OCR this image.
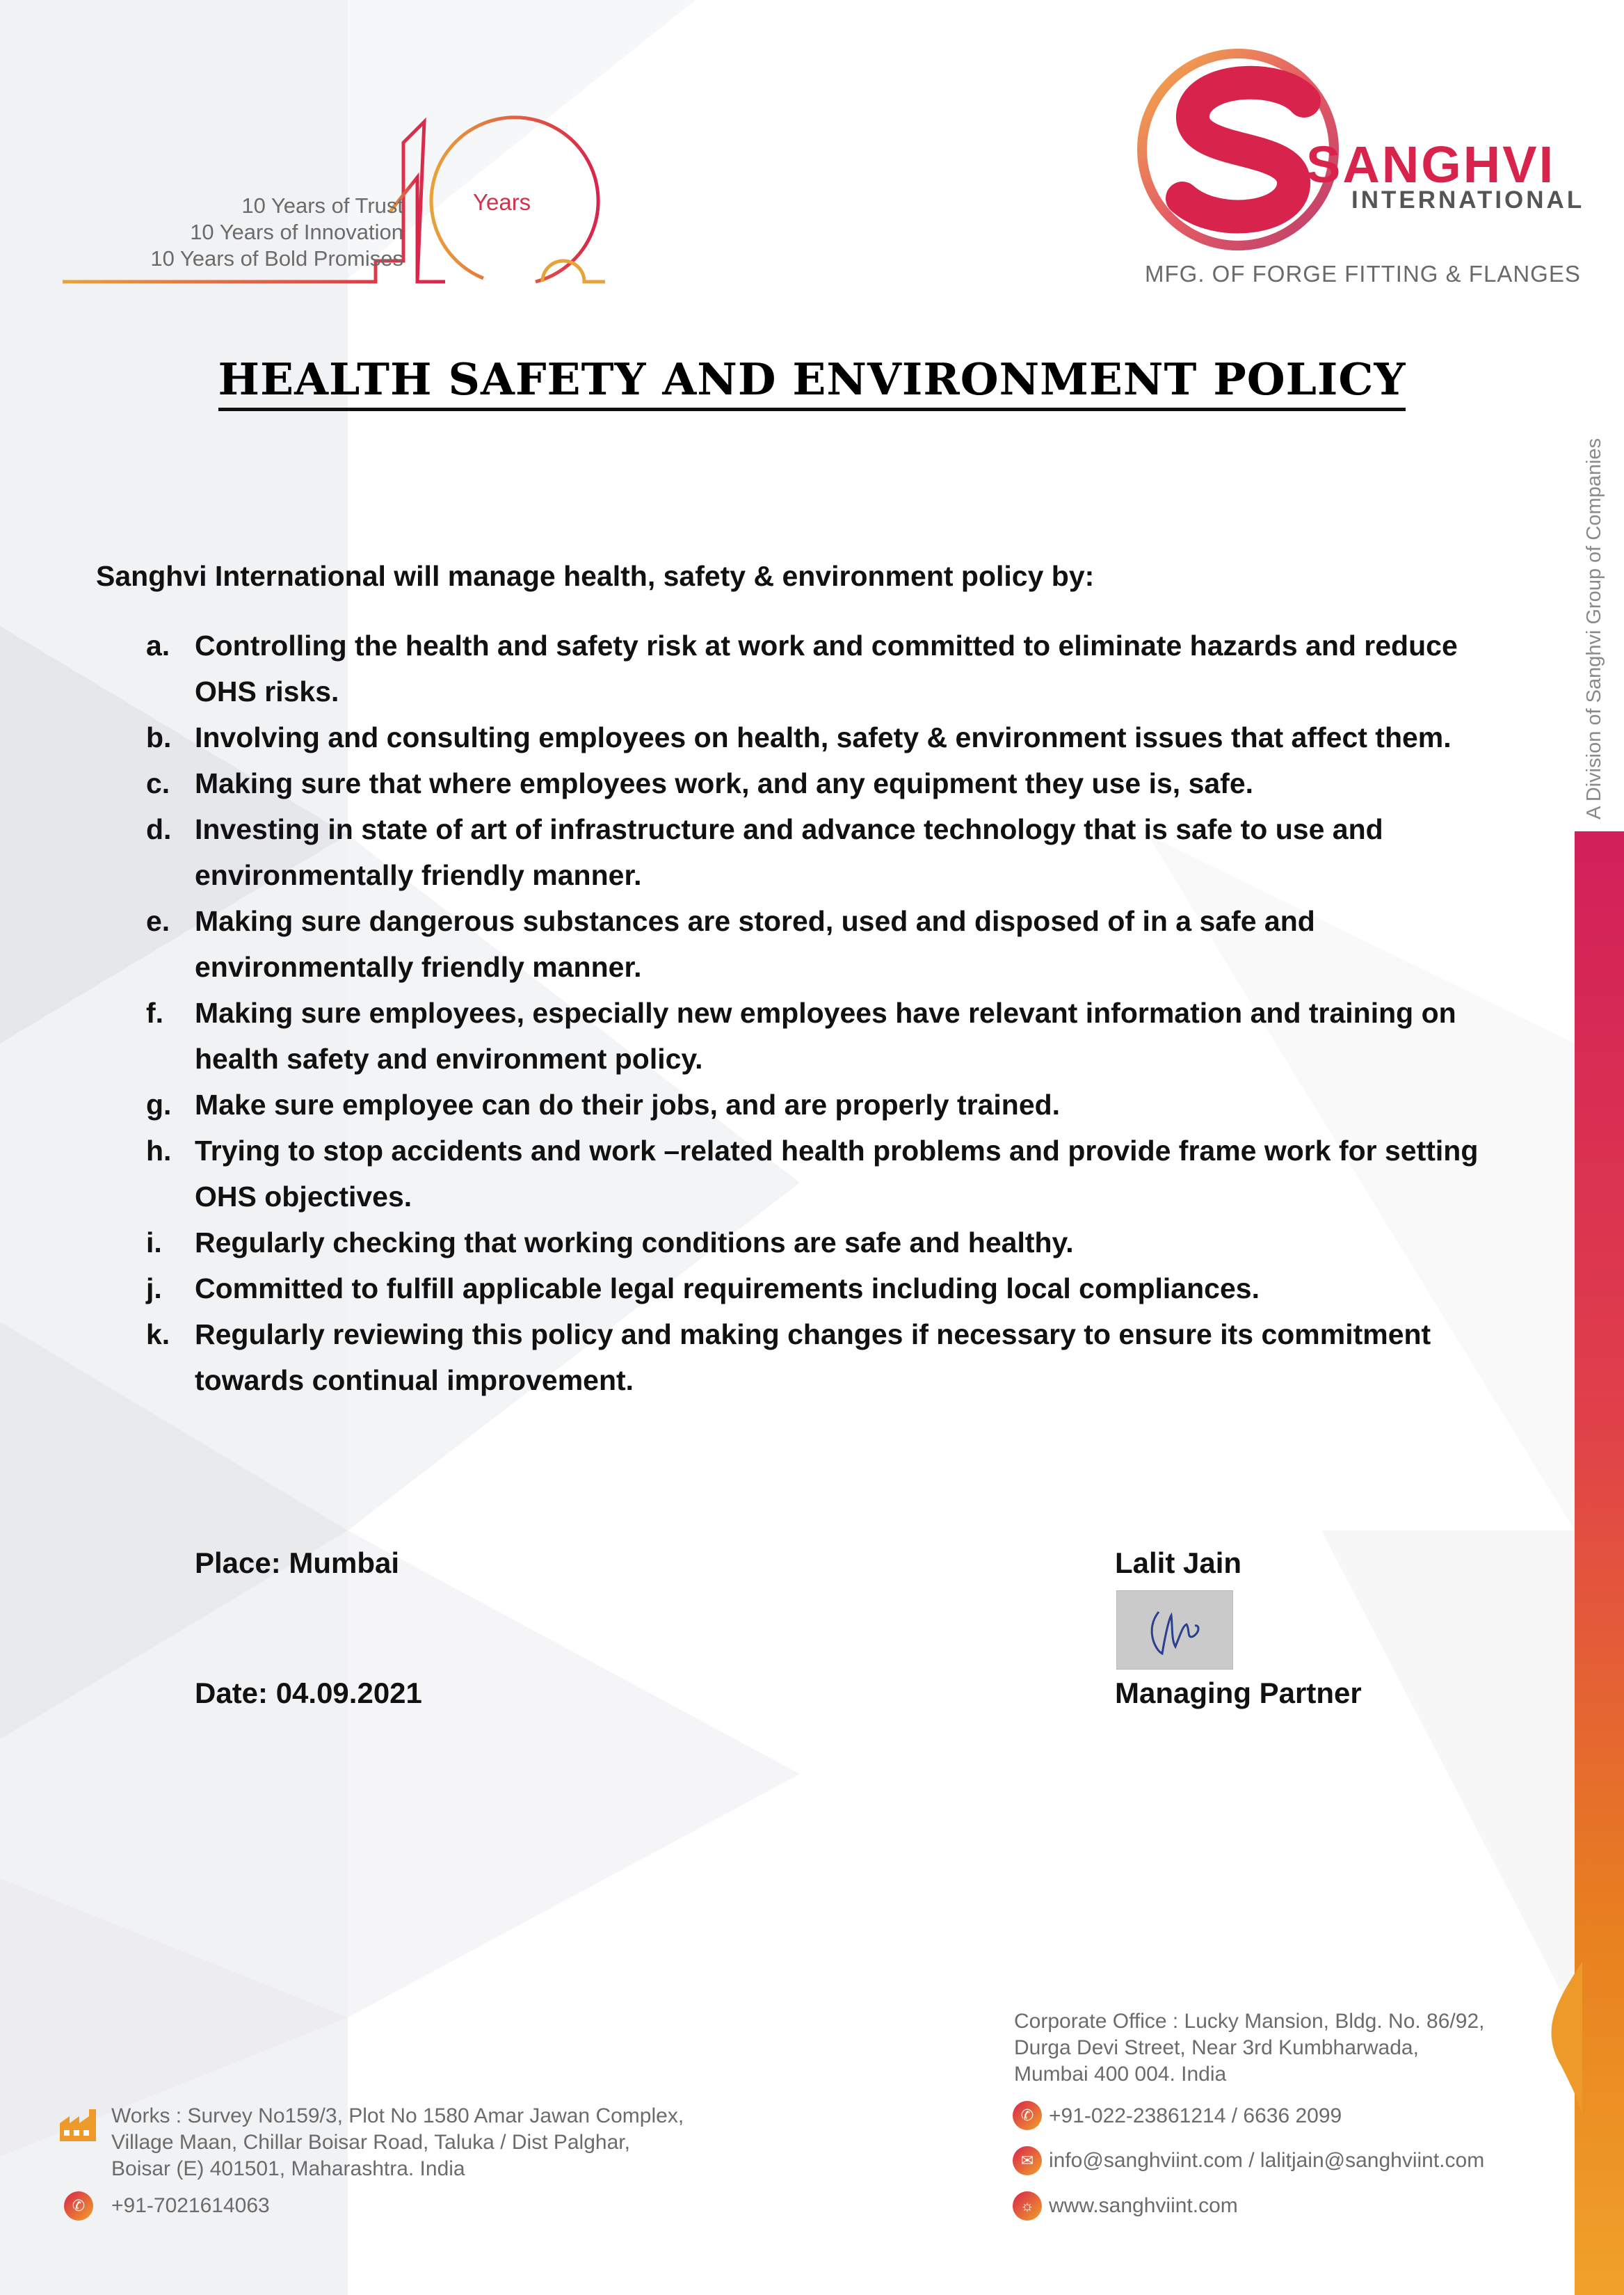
10 Years of Trust
10 Years of Innovation
10 Years of Bold Promises
Years
SANGHVI
INTERNATIONAL
MFG. OF FORGE FITTING & FLANGES
A Division of Sanghvi Group of Companies
HEALTH SAFETY AND ENVIRONMENT POLICY
Sanghvi International will manage health, safety & environment policy by:
a. Controlling the health and safety risk at work and committed to eliminate hazards and reduce
OHS risks.
b. Involving and consulting employees on health, safety & environment issues that affect them.
c. Making sure that where employees work, and any equipment they use is, safe.
d. Investing in state of art of infrastructure and advance technology that is safe to use and
environmentally friendly manner.
e. Making sure dangerous substances are stored, used and disposed of in a safe and
environmentally friendly manner.
f. Making sure employees, especially new employees have relevant information and training on
health safety and environment policy.
g. Make sure employee can do their jobs, and are properly trained.
h. Trying to stop accidents and work –related health problems and provide frame work for setting
OHS objectives.
i. Regularly checking that working conditions are safe and healthy.
j. Committed to fulfill applicable legal requirements including local compliances.
k. Regularly reviewing this policy and making changes if necessary to ensure its commitment
towards continual improvement.
Place: Mumbai
Date: 04.09.2021
Lalit Jain
Managing Partner
Corporate Office : Lucky Mansion, Bldg. No. 86/92,
Durga Devi Street, Near 3rd Kumbharwada,
Mumbai 400 004. India
✆ +91-022-23861214 / 6636 2099
✉ info@sanghviint.com / lalitjain@sanghviint.com
☼ www.sanghviint.com
Works : Survey No159/3, Plot No 1580 Amar Jawan Complex,
Village Maan, Chillar Boisar Road, Taluka / Dist Palghar,
Boisar (E) 401501, Maharashtra. India
✆	+91-7021614063
